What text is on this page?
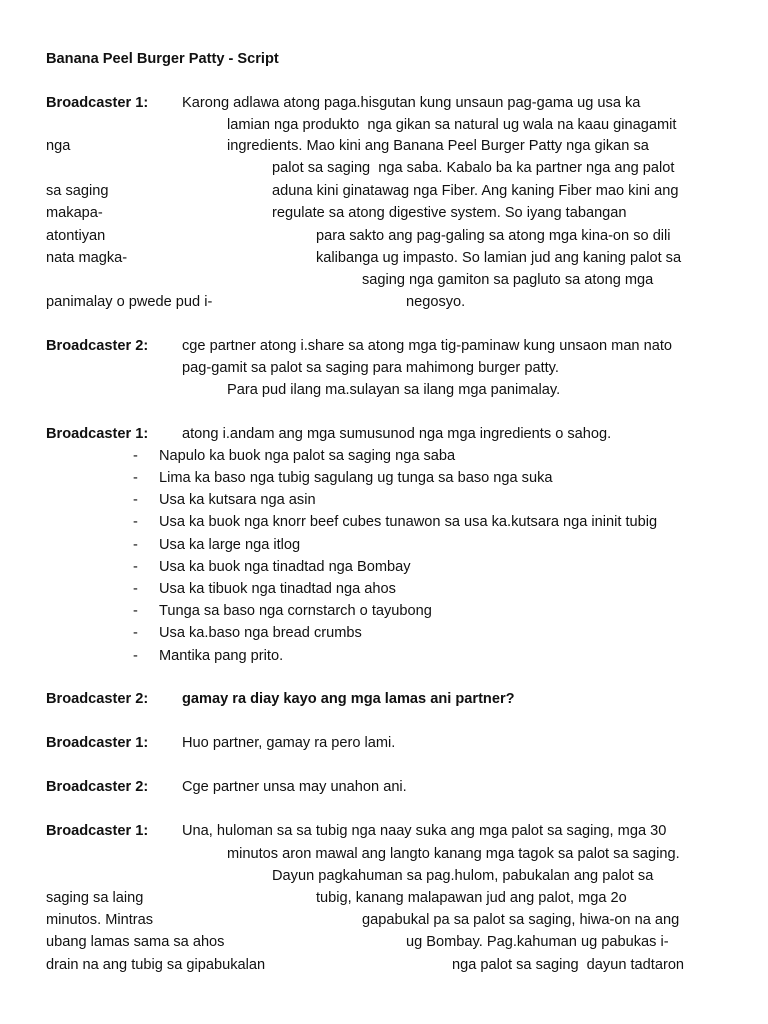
Banana Peel Burger Patty - Script
Broadcaster 1: Karong adlawa atong paga.hisgutan kung unsaun pag-gama ug usa ka
lamian nga produkto  nga gikan sa natural ug wala na kaau ginagamit
nga	ingredients. Mao kini ang Banana Peel Burger Patty nga gikan sa
palot sa saging  nga saba. Kabalo ba ka partner nga ang palot
sa saging	aduna kini ginatawag nga Fiber. Ang kaning Fiber mao kini ang
makapa-	regulate sa atong digestive system. So iyang tabangan
atontiyan	para sakto ang pag-galing sa atong mga kina-on so dili
nata magka-	kalibanga ug impasto. So lamian jud ang kaning palot sa
saging nga gamiton sa pagluto sa atong mga
panimalay o pwede pud i-	negosyo.
Broadcaster 2: cge partner atong i.share sa atong mga tig-paminaw kung unsaon man nato
pag-gamit sa palot sa saging para mahimong burger patty.
Para pud ilang ma.sulayan sa ilang mga panimalay.
Broadcaster 1: atong i.andam ang mga sumusunod nga mga ingredients o sahog.
- Napulo ka buok nga palot sa saging nga saba
- Lima ka baso nga tubig sagulang ug tunga sa baso nga suka
- Usa ka kutsara nga asin
- Usa ka buok nga knorr beef cubes tunawon sa usa ka.kutsara nga ininit tubig
- Usa ka large nga itlog
- Usa ka buok nga tinadtad nga Bombay
- Usa ka tibuok nga tinadtad nga ahos
- Tunga sa baso nga cornstarch o tayubong
- Usa ka.baso nga bread crumbs
- Mantika pang prito.
Broadcaster 2: gamay ra diay kayo ang mga lamas ani partner?
Broadcaster 1: Huo partner, gamay ra pero lami.
Broadcaster 2: Cge partner unsa may unahon ani.
Broadcaster 1: Una, huloman sa sa tubig nga naay suka ang mga palot sa saging, mga 30
minutos aron mawal ang langto kanang mga tagok sa palot sa saging.
Dayun pagkahuman sa pag.hulom, pabukalan ang palot sa
saging sa laing	tubig, kanang malapawan jud ang palot, mga 2o
minutos. Mintras	gapabukal pa sa palot sa saging, hiwa-on na ang
ubang lamas sama sa ahos	ug Bombay. Pag.kahuman ug pabukas i-
drain na ang tubig sa gipabukalan	nga palot sa saging  dayun tadtaron
